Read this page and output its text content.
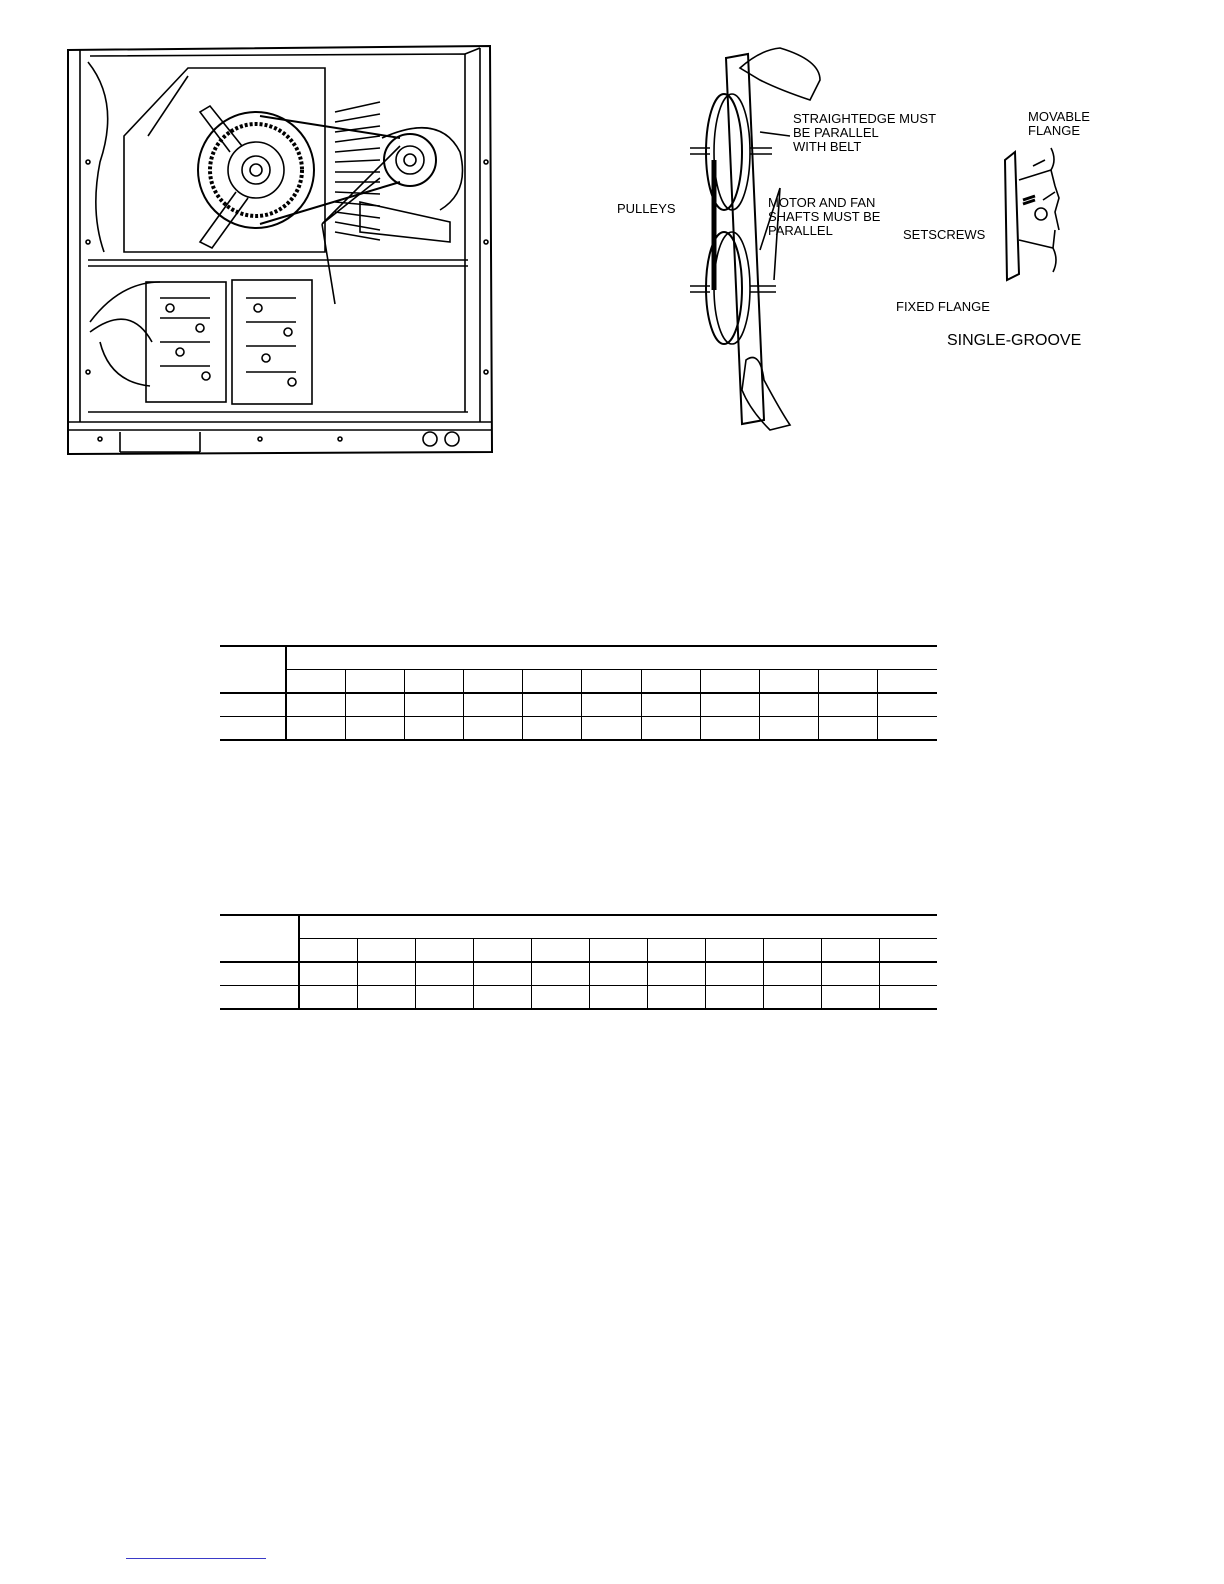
STRAIGHTEDGE MUST
BE PARALLEL
WITH BELT
PULLEYS	MOTOR AND FAN
SHAFTS MUST BE
PARALLEL
MOVABLE
FLANGE
SETSCREWS
FIXED FLANGE
SINGLE-GROOVE
